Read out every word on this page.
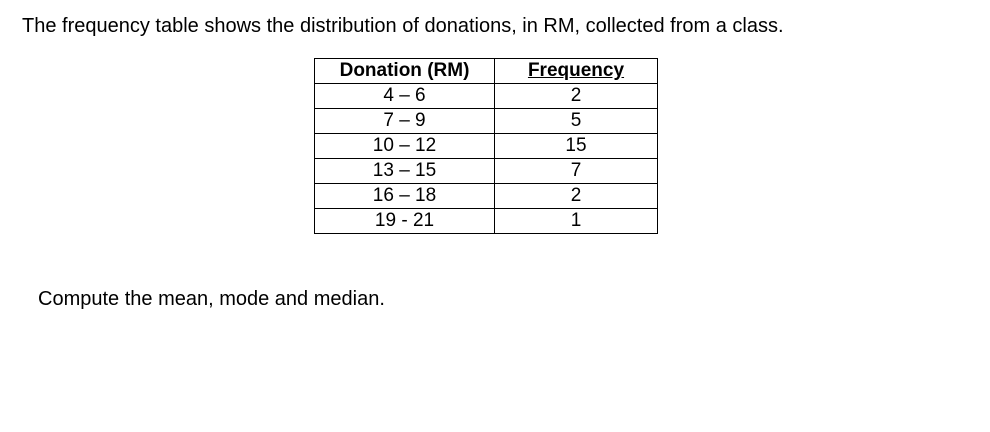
The frequency table shows the distribution of donations, in RM, collected from a class.
Donation (RM)	Frequency
4 – 6	2
7 – 9	5
10 – 12	15
13 – 15	7
16 – 18	2
19 - 21	1
Compute the mean, mode and median.
